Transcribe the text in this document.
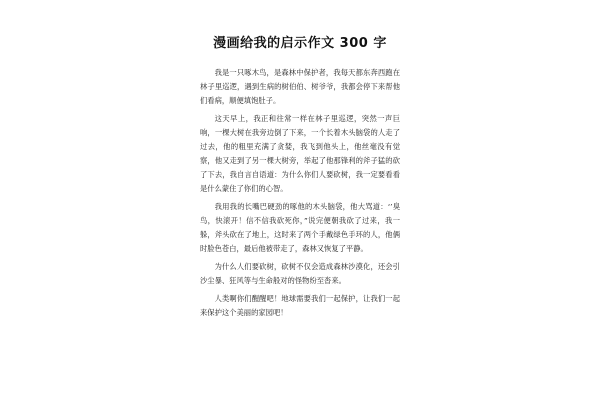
漫画给我的启示作文 300 字

我是一只啄木鸟，是森林中保护者，我每天都东奔西跑在林子里巡逻，遇到生病的树伯伯、树爷爷，我都会停下来帮他们看病，顺便填饱肚子。

这天早上，我正和往常一样在林子里巡逻，突然一声巨响，一棵大树在我旁边倒了下来，一个长着木头脑袋的人走了过去，他的粗里充满了贪婪，我飞到他头上，他丝毫没有觉察，他又走到了另一棵大树旁，举起了他那锋利的斧子猛的砍了下去，我自言自语道：为什么你们人要砍树，我一定要看看是什么蒙住了你们的心智。

我用我的长嘴巴硬劲的啄他的木头脑袋，他大骂道：‘’臭鸟，快滚开！信不信我砍死你，”说完便朝我砍了过来，我一躲，斧头砍在了地上，这时来了两个手戴绿色手环的人，他俩时脸色苍白，最后他被带走了，森林又恢复了平静。

为什么人们要砍树，砍树不仅会造成森林沙漠化，还会引沙尘暴、狂风等与生命般对的怪物纷至沓来。

人类啊你们醒醒吧！地球需要我们一起保护，让我们一起来保护这个美丽的家园吧！
